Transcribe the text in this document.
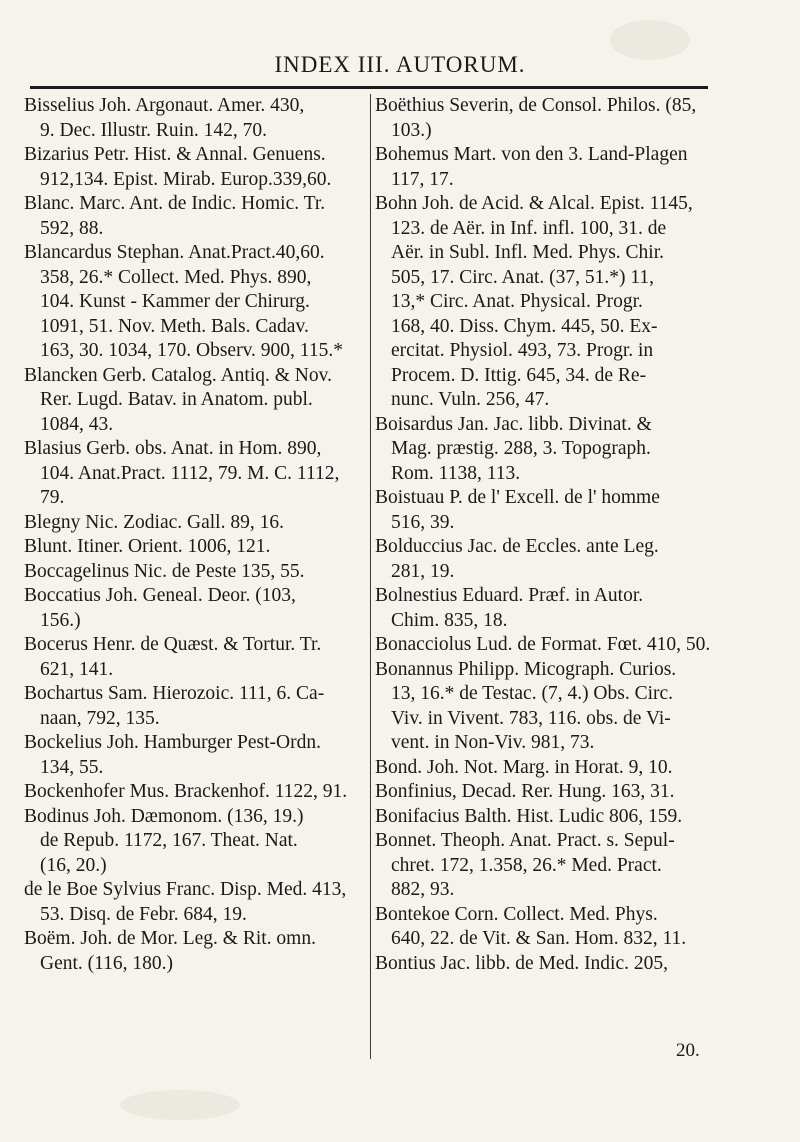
INDEX III. AUTORUM.
Bisselius Joh. Argonaut. Amer. 430,
9. Dec. Illustr. Ruin. 142, 70.
Bizarius Petr. Hist. & Annal. Genuens.
912,134. Epist. Mirab. Europ.339,60.
Blanc. Marc. Ant. de Indic. Homic. Tr.
592, 88.
Blancardus Stephan. Anat.Pract.40,60.
358, 26.* Collect. Med. Phys. 890,
104. Kunst - Kammer der Chirurg.
1091, 51. Nov. Meth. Bals. Cadav.
163, 30. 1034, 170. Observ. 900, 115.*
Blancken Gerb. Catalog. Antiq. & Nov.
Rer. Lugd. Batav. in Anatom. publ.
1084, 43.
Blasius Gerb. obs. Anat. in Hom. 890,
104. Anat.Pract. 1112, 79. M. C. 1112,
79.
Blegny Nic. Zodiac. Gall. 89, 16.
Blunt. Itiner. Orient. 1006, 121.
Boccagelinus Nic. de Peste 135, 55.
Boccatius Joh. Geneal. Deor. (103,
156.)
Bocerus Henr. de Quæst. & Tortur. Tr.
621, 141.
Bochartus Sam. Hierozoic. 111, 6. Ca-
naan, 792, 135.
Bockelius Joh. Hamburger Pest-Ordn.
134, 55.
Bockenhofer Mus. Brackenhof. 1122, 91.
Bodinus Joh. Dæmonom. (136, 19.)
de Repub. 1172, 167. Theat. Nat.
(16, 20.)
de le Boe Sylvius Franc. Disp. Med. 413,
53. Disq. de Febr. 684, 19.
Boëm. Joh. de Mor. Leg. & Rit. omn.
Gent. (116, 180.)
Boëthius Severin, de Consol. Philos. (85,
103.)
Bohemus Mart. von den 3. Land-Plagen
117, 17.
Bohn Joh. de Acid. & Alcal. Epist. 1145,
123. de Aër. in Inf. infl. 100, 31. de
Aër. in Subl. Infl. Med. Phys. Chir.
505, 17. Circ. Anat. (37, 51.*) 11,
13,* Circ. Anat. Physical. Progr.
168, 40. Diss. Chym. 445, 50. Ex-
ercitat. Physiol. 493, 73. Progr. in
Procem. D. Ittig. 645, 34. de Re-
nunc. Vuln. 256, 47.
Boisardus Jan. Jac. libb. Divinat. &
Mag. præstig. 288, 3. Topograph.
Rom. 1138, 113.
Boistuau P. de l' Excell. de l' homme
516, 39.
Bolduccius Jac. de Eccles. ante Leg.
281, 19.
Bolnestius Eduard. Præf. in Autor.
Chim. 835, 18.
Bonacciolus Lud. de Format. Fœt. 410, 50.
Bonannus Philipp. Micograph. Curios.
13, 16.* de Testac. (7, 4.) Obs. Circ.
Viv. in Vivent. 783, 116. obs. de Vi-
vent. in Non-Viv. 981, 73.
Bond. Joh. Not. Marg. in Horat. 9, 10.
Bonfinius, Decad. Rer. Hung. 163, 31.
Bonifacius Balth. Hist. Ludic 806, 159.
Bonnet. Theoph. Anat. Pract. s. Sepul-
chret. 172, 1.358, 26.* Med. Pract.
882, 93.
Bontekoe Corn. Collect. Med. Phys.
640, 22. de Vit. & San. Hom. 832, 11.
Bontius Jac. libb. de Med. Indic. 205,
20.
